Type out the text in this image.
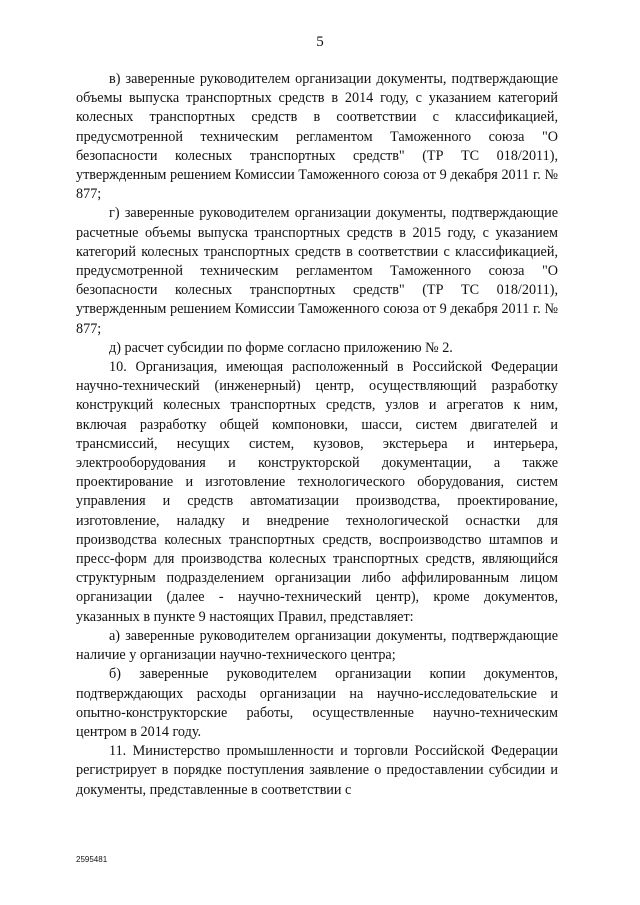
5

в) заверенные руководителем организации документы, подтверждающие объемы выпуска транспортных средств в 2014 году, с указанием категорий колесных транспортных средств в соответствии с классификацией, предусмотренной техническим регламентом Таможенного союза "О безопасности колесных транспортных средств" (ТР ТС 018/2011), утвержденным решением Комиссии Таможенного союза от 9 декабря 2011 г. № 877;

г) заверенные руководителем организации документы, подтверждающие расчетные объемы выпуска транспортных средств в 2015 году, с указанием категорий колесных транспортных средств в соответствии с классификацией, предусмотренной техническим регламентом Таможенного союза "О безопасности колесных транспортных средств" (ТР ТС 018/2011), утвержденным решением Комиссии Таможенного союза от 9 декабря 2011 г. № 877;

д) расчет субсидии по форме согласно приложению № 2.

10. Организация, имеющая расположенный в Российской Федерации научно-технический (инженерный) центр, осуществляющий разработку конструкций колесных транспортных средств, узлов и агрегатов к ним, включая разработку общей компоновки, шасси, систем двигателей и трансмиссий, несущих систем, кузовов, экстерьера и интерьера, электрооборудования и конструкторской документации, а также проектирование и изготовление технологического оборудования, систем управления и средств автоматизации производства, проектирование, изготовление, наладку и внедрение технологической оснастки для производства колесных транспортных средств, воспроизводство штампов и пресс-форм для производства колесных транспортных средств, являющийся структурным подразделением организации либо аффилированным лицом организации (далее - научно-технический центр), кроме документов, указанных в пункте 9 настоящих Правил, представляет:

а) заверенные руководителем организации документы, подтверждающие наличие у организации научно-технического центра;

б) заверенные руководителем организации копии документов, подтверждающих расходы организации на научно-исследовательские и опытно-конструкторские работы, осуществленные научно-техническим центром в 2014 году.

11. Министерство промышленности и торговли Российской Федерации регистрирует в порядке поступления заявление о предоставлении субсидии и документы, представленные в соответствии с

2595481
